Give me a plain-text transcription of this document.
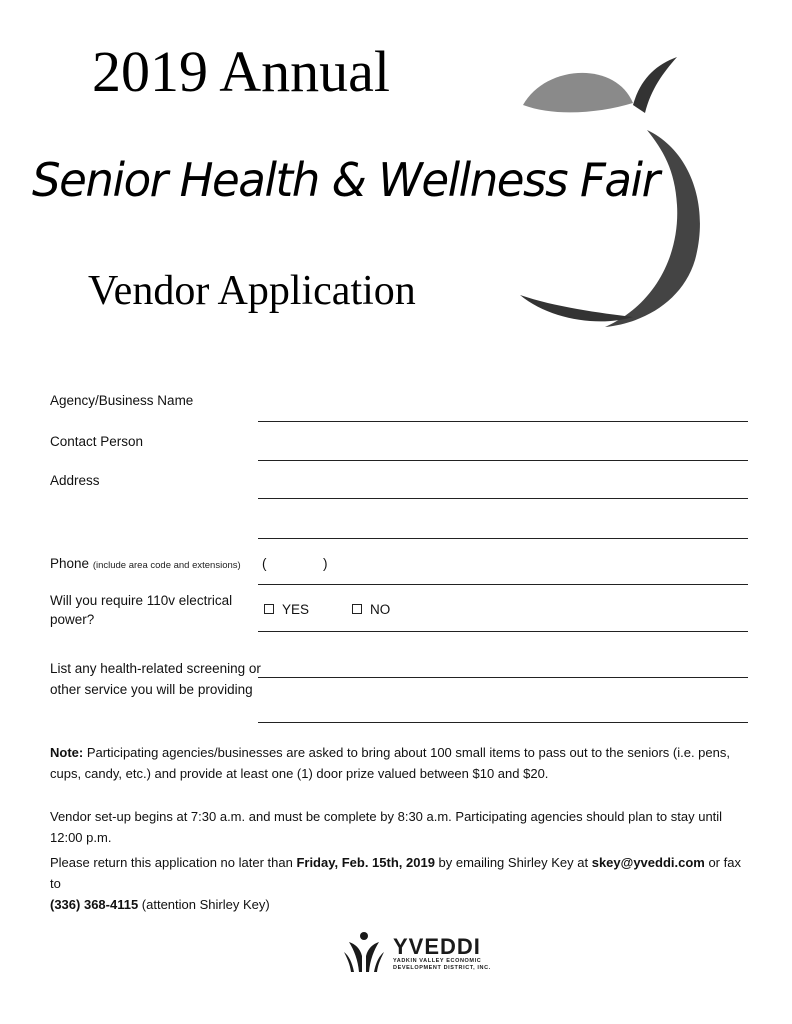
2019 Annual
Senior Health & Wellness Fair
Vendor Application
Agency/Business Name
Contact Person
Address
Phone (include area code and extensions) (	)
Will you require 110v electrical
power?
YES	NO
List any health-related screening or
other service you will be providing
Note: Participating agencies/businesses are asked to bring about 100 small items to pass out to the seniors (i.e. pens,
cups, candy, etc.) and provide at least one (1) door prize valued between $10 and $20.
Vendor set-up begins at 7:30 a.m. and must be complete by 8:30 a.m. Participating agencies should plan to stay until
12:00 p.m.
Please return this application no later than Friday, Feb. 15th, 2019 by emailing Shirley Key at skey@yveddi.com or fax to
(336) 368-4115 (attention Shirley Key)
YVEDDI
YADKIN VALLEY ECONOMIC
DEVELOPMENT DISTRICT, INC.
